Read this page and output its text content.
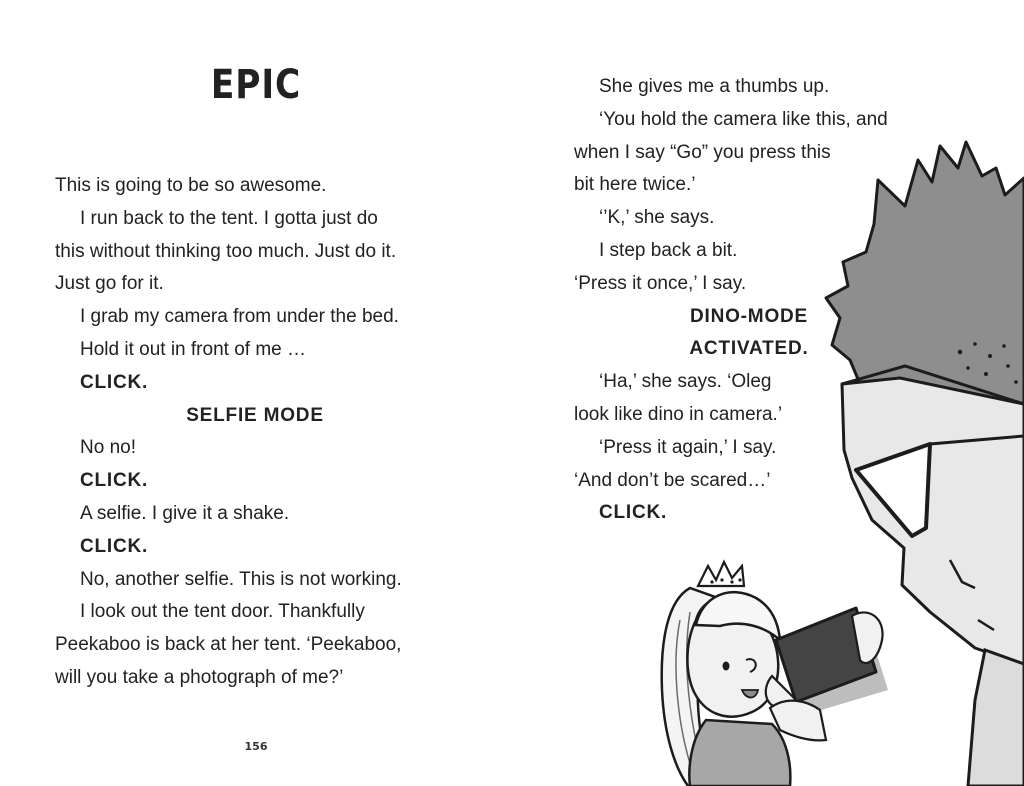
EPIC
This is going to be so awesome.
I run back to the tent. I gotta just do
this without thinking too much. Just do it.
Just go for it.
I grab my camera from under the bed.
Hold it out in front of me …
CLICK.
SELFIE MODE
No no!
CLICK.
A selfie. I give it a shake.
CLICK.
No, another selfie. This is not working.
I look out the tent door. Thankfully
Peekaboo is back at her tent. ‘Peekaboo,
will you take a photograph of me?’
156
She gives me a thumbs up.
‘You hold the camera like this, and
when I say “Go” you press this
bit here twice.’
‘’K,’ she says.
I step back a bit.
‘Press it once,’ I say.
DINO-MODE
ACTIVATED.
‘Ha,’ she says. ‘Oleg
look like dino in camera.’
‘Press it again,’ I say.
‘And don’t be scared…’
CLICK.
